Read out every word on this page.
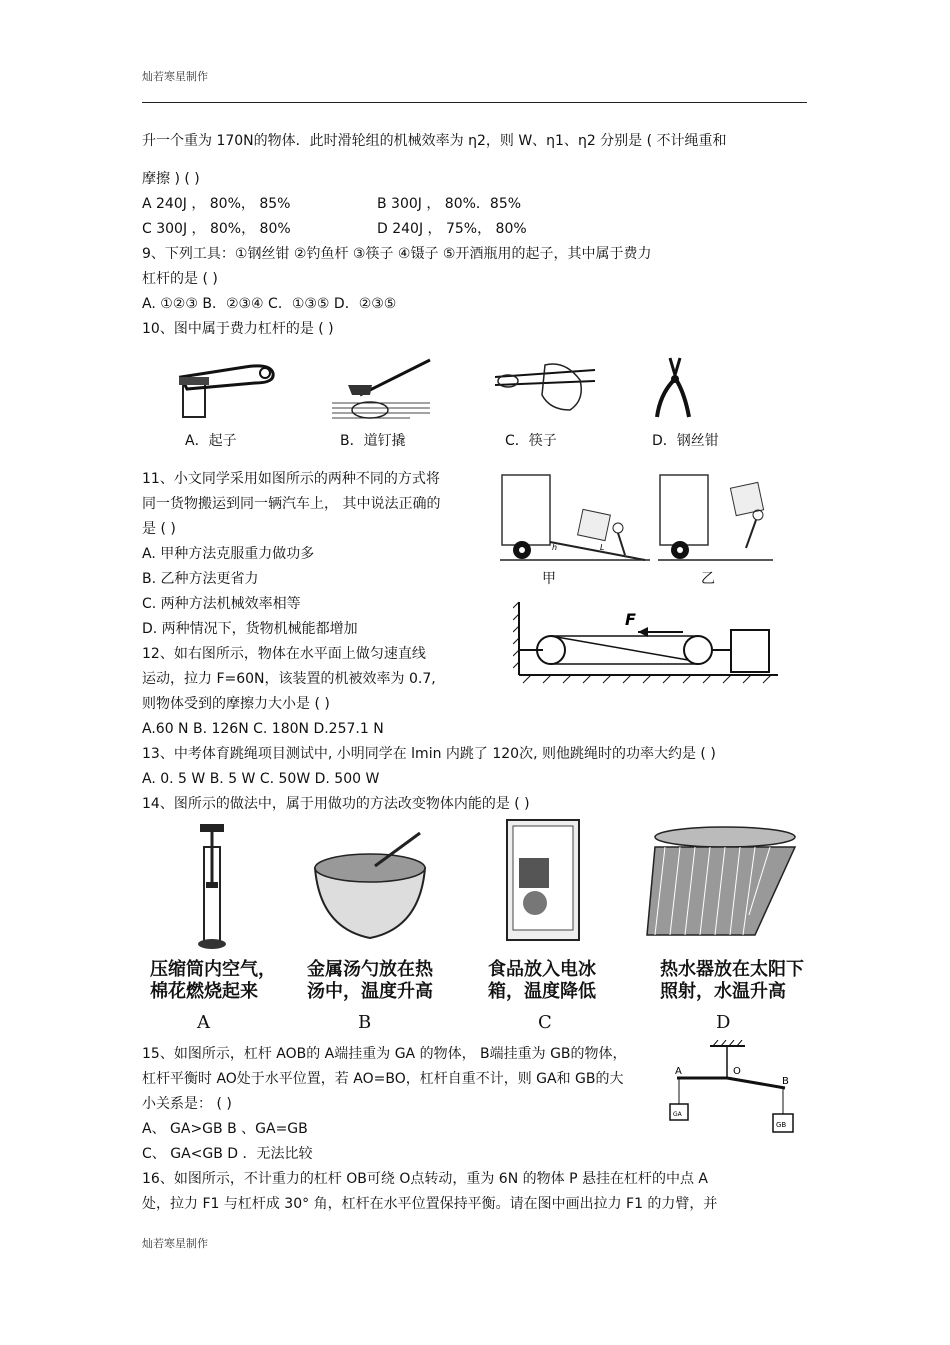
灿若寒星制作
灿若寒星制作
升一个重为 170N的物体．此时滑轮组的机械效率为 η2，则 W、η1、η2 分别是 ( 不计绳重和
摩擦 ) ( )
A 240J ， 80%， 85%	B 300J ， 80%．85%
C 300J ， 80%， 80%	D 240J ， 75%， 80%
9、下列工具：①钢丝钳 ②钓鱼杆 ③筷子 ④镊子 ⑤开酒瓶用的起子，其中属于费力
杠杆的是 ( )
A. ①②③ B．②③④ C．①③⑤ D．②③⑤
10、图中属于费力杠杆的是 ( )
A．起子	B．道钉撬	C．筷子	D．钢丝钳
11、小文同学采用如图所示的两种不同的方式将
同一货物搬运到同一辆汽车上， 其中说法正确的
是 ( )
A. 甲种方法克服重力做功多
B. 乙种方法更省力
C. 两种方法机械效率相等
D. 两种情况下，货物机械能都增加
h	L
甲	乙
12、如右图所示，物体在水平面上做匀速直线
运动，拉力 F=60N，该装置的机被效率为 0.7,
则物体受到的摩擦力大小是 ( )
A.60 N B. 126N C. 180N D.257.1 N
F
13、中考体育跳绳项目测试中, 小明同学在 lmin 内跳了 120次, 则他跳绳时的功率大约是 ( )
A. 0. 5 W B. 5 W C. 50W D. 500 W
14、图所示的做法中，属于用做功的方法改变物体内能的是 ( )
压缩筒内空气，
棉花燃烧起来
金属汤勺放在热
汤中，温度升高
食品放入电冰
箱，温度降低
热水器放在太阳下
照射，水温升高
A	B	C	D
15、如图所示，杠杆 AOB的 A端挂重为 GA 的物体， B端挂重为 GB的物体，
杠杆平衡时 AO处于水平位置，若 AO=BO，杠杆自重不计，则 GA和 GB的大
小关系是： ( )
A、 GA>GB B 、GA=GB
C、 GA<GB D ．无法比较
A	O
B
GA
GB
16、如图所示，不计重力的杠杆 OB可绕 O点转动，重为 6N 的物体 P 悬挂在杠杆的中点 A
处，拉力 F1 与杠杆成 30° 角，杠杆在水平位置保持平衡。请在图中画出拉力 F1 的力臂，并
